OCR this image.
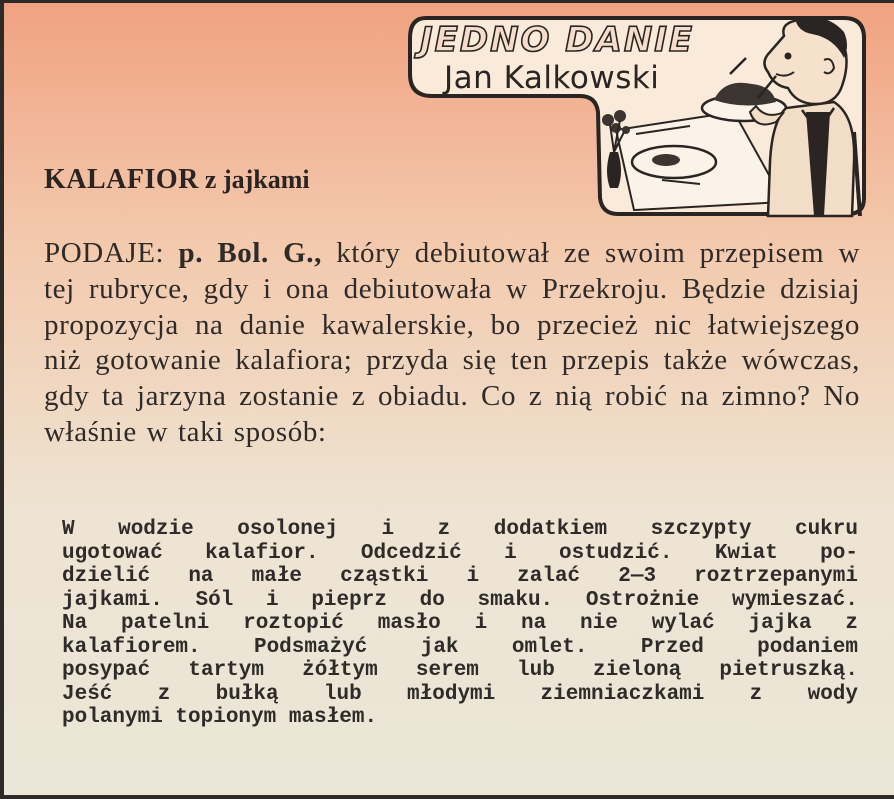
JEDNO DANIE
Jan Kalkowski
KALAFIOR z jajkami
PODAJE: p. Bol. G., który debiutował ze swoim przepisem w tej rubryce, gdy i ona debiutowała w Przekroju. Będzie dzisiaj propozycja na danie kawalerskie, bo przecież nic łatwiejszego niż gotowanie kalafiora; przyda się ten przepis także wówczas, gdy ta jarzyna zostanie z obiadu. Co z nią robić na zimno? No właśnie w taki sposób:
W wodzie osolonej i z dodatkiem szczypty cukru
ugotować kalafior. Odcedzić i ostudzić. Kwiat po-
dzielić na małe cząstki i zalać 2—3 roztrzepanymi
jajkami. Sól i pieprz do smaku. Ostrożnie wymieszać.
Na patelni roztopić masło i na nie wylać jajka z
kalafiorem. Podsmażyć jak omlet. Przed podaniem
posypać tartym żółtym serem lub zieloną pietruszką.
Jeść z bułką lub młodymi ziemniaczkami z wody
polanymi topionym masłem.
